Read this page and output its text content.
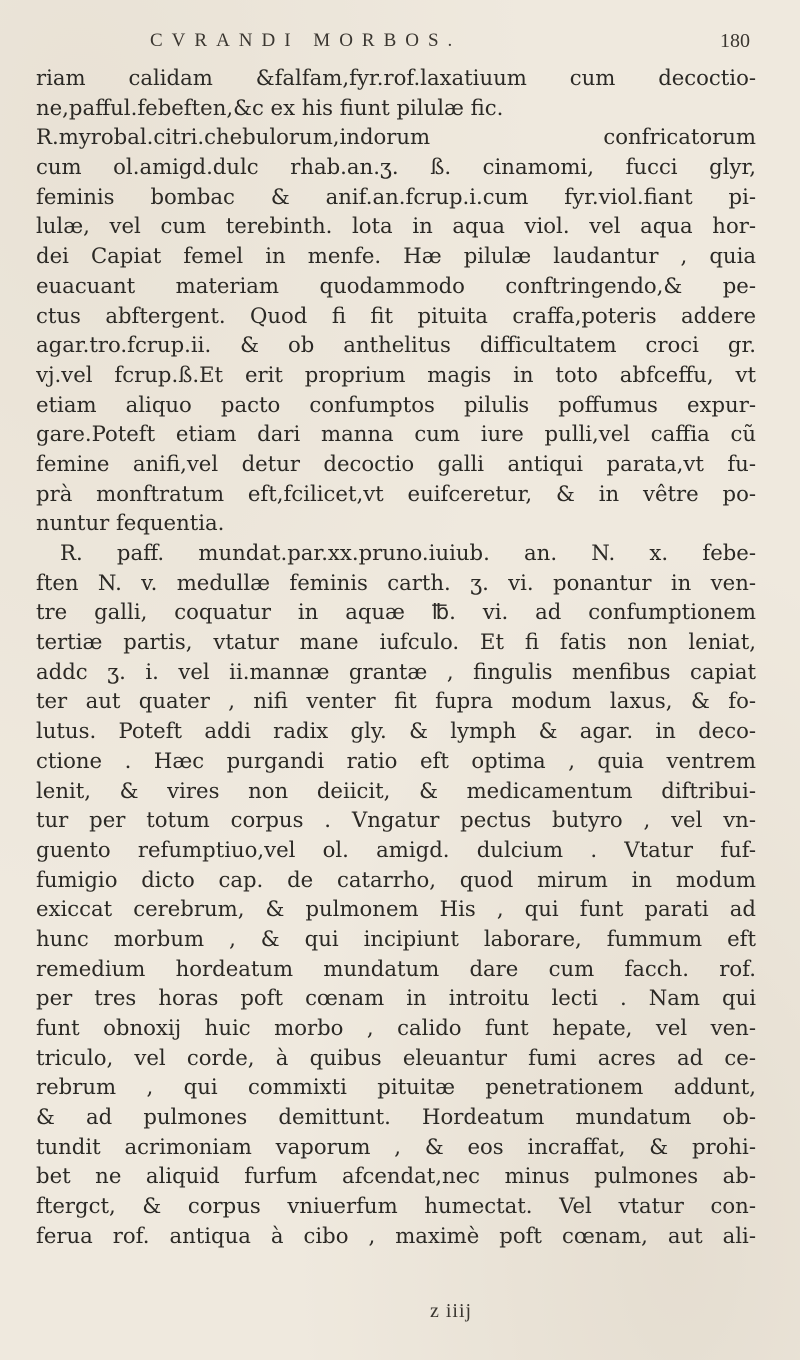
CVRANDI MORBOS.	180
riam calidam &falfam,fyr.rof.laxatiuum cum decoctio-
ne,pafful.febeften,&c ex his fiunt pilulæ fic.
R.myrobal.citri.chebulorum,indorum confricatorum
cum ol.amigd.dulc rhab.an.ʒ. ß. cinamomi, fucci glyr,
feminis bombac & anif.an.fcrup.i.cum fyr.viol.fiant pi-
lulæ, vel cum terebinth. lota in aqua viol. vel aqua hor-
dei Capiat femel in menfe. Hæ pilulæ laudantur , quia
euacuant materiam quodammodo conftringendo,& pe-
ctus abftergent. Quod fi fit pituita craffa,poteris addere
agar.tro.fcrup.ii. & ob anthelitus difficultatem croci gr.
vj.vel fcrup.ß.Et erit proprium magis in toto abfceffu, vt
etiam aliquo pacto confumptos pilulis poffumus expur-
gare.Poteft etiam dari manna cum iure pulli,vel caffia cũ
femine anifi,vel detur decoctio galli antiqui parata,vt fu-
prà monftratum eft,fcilicet,vt euifceretur, & in vêtre po-
nuntur fequentia.
R. paff. mundat.par.xx.pruno.iuiub. an. N. x. febe-
ften N. v. medullæ feminis carth. ʒ. vi. ponantur in ven-
tre galli, coquatur in aquæ ℔. vi. ad confumptionem
tertiæ partis, vtatur mane iufculo. Et fi fatis non leniat,
addc ʒ. i. vel ii.mannæ grantæ , fingulis menfibus capiat
ter aut quater , nifi venter fit fupra modum laxus, & fo-
lutus. Poteft addi radix gly. & lymph & agar. in deco-
ctione . Hæc purgandi ratio eft optima , quia ventrem
lenit, & vires non deiicit, & medicamentum diftribui-
tur per totum corpus . Vngatur pectus butyro , vel vn-
guento refumptiuo,vel ol. amigd. dulcium . Vtatur fuf-
fumigio dicto cap. de catarrho, quod mirum in modum
exiccat cerebrum, & pulmonem His , qui funt parati ad
hunc morbum , & qui incipiunt laborare, fummum eft
remedium hordeatum mundatum dare cum facch. rof.
per tres horas poft cœnam in introitu lecti . Nam qui
funt obnoxij huic morbo , calido funt hepate, vel ven-
triculo, vel corde, à quibus eleuantur fumi acres ad ce-
rebrum , qui commixti pituitæ penetrationem addunt,
& ad pulmones demittunt. Hordeatum mundatum ob-
tundit acrimoniam vaporum , & eos incraffat, & prohi-
bet ne aliquid furfum afcendat,nec minus pulmones ab-
ftergct, & corpus vniuerfum humectat. Vel vtatur con-
ferua rof. antiqua à cibo , maximè poft cœnam, aut ali-
z iiij
